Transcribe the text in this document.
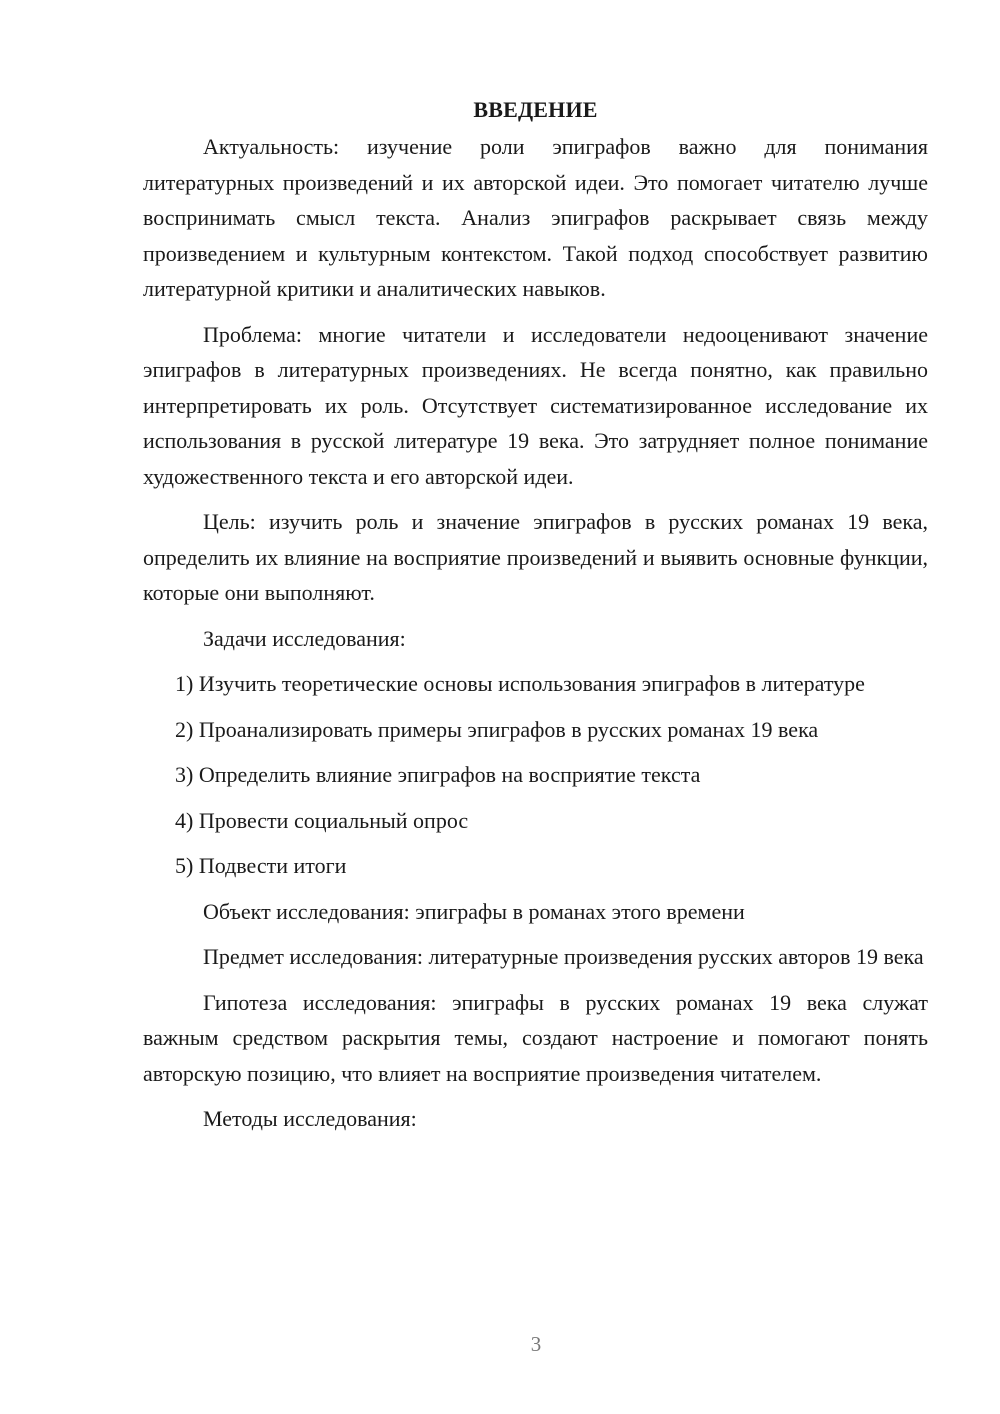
ВВЕДЕНИЕ

Актуальность: изучение роли эпиграфов важно для понимания литературных произведений и их авторской идеи. Это помогает читателю лучше воспринимать смысл текста. Анализ эпиграфов раскрывает связь между произведением и культурным контекстом. Такой подход способствует развитию литературной критики и аналитических навыков.

Проблема: многие читатели и исследователи недооценивают значение эпиграфов в литературных произведениях. Не всегда понятно, как правильно интерпретировать их роль. Отсутствует систематизированное исследование их использования в русской литературе 19 века. Это затрудняет полное понимание художественного текста и его авторской идеи.

Цель: изучить роль и значение эпиграфов в русских романах 19 века, определить их влияние на восприятие произведений и выявить основные функции, которые они выполняют.

Задачи исследования:

1) Изучить теоретические основы использования эпиграфов в литературе

2) Проанализировать примеры эпиграфов в русских романах 19 века

3) Определить влияние эпиграфов на восприятие текста

4) Провести социальный опрос

5) Подвести итоги

Объект исследования: эпиграфы в романах этого времени

Предмет исследования: литературные произведения русских авторов 19 века

Гипотеза исследования: эпиграфы в русских романах 19 века служат важным средством раскрытия темы, создают настроение и помогают понять авторскую позицию, что влияет на восприятие произведения читателем.

Методы исследования:

3
